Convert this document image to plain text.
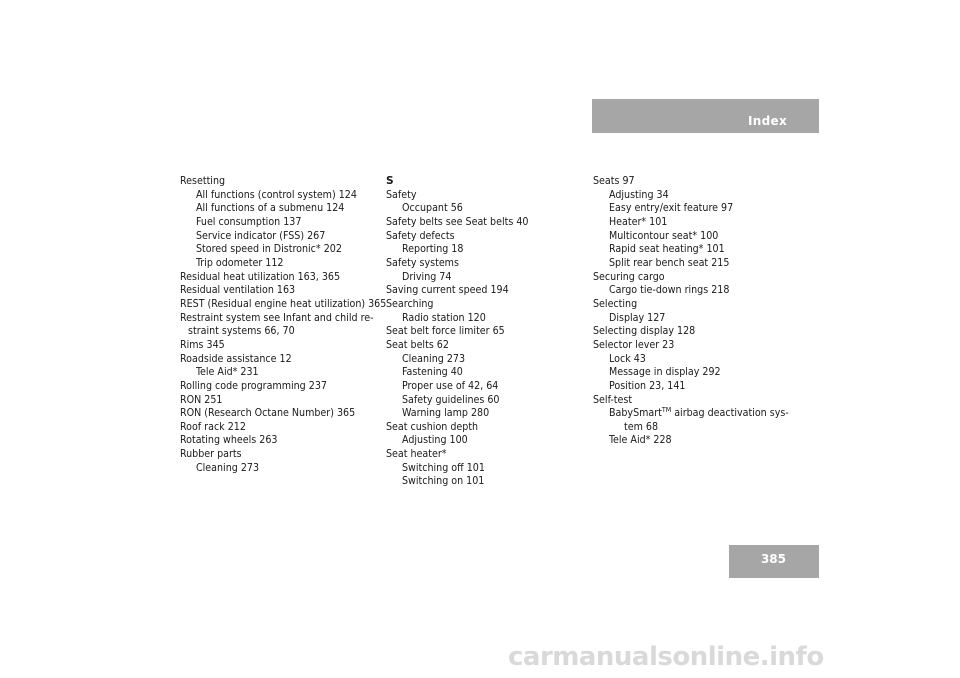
Index
Resetting
All functions (control system) 124
All functions of a submenu 124
Fuel consumption 137
Service indicator (FSS) 267
Stored speed in Distronic* 202
Trip odometer 112
Residual heat utilization 163, 365
Residual ventilation 163
REST (Residual engine heat utilization) 365
Restraint system see Infant and child re-
straint systems 66, 70
Rims 345
Roadside assistance 12
Tele Aid* 231
Rolling code programming 237
RON 251
RON (Research Octane Number) 365
Roof rack 212
Rotating wheels 263
Rubber parts
Cleaning 273
S
Safety
Occupant 56
Safety belts see Seat belts 40
Safety defects
Reporting 18
Safety systems
Driving 74
Saving current speed 194
Searching
Radio station 120
Seat belt force limiter 65
Seat belts 62
Cleaning 273
Fastening 40
Proper use of 42, 64
Safety guidelines 60
Warning lamp 280
Seat cushion depth
Adjusting 100
Seat heater*
Switching off 101
Switching on 101
Seats 97
Adjusting 34
Easy entry/exit feature 97
Heater* 101
Multicontour seat* 100
Rapid seat heating* 101
Split rear bench seat 215
Securing cargo
Cargo tie-down rings 218
Selecting
Display 127
Selecting display 128
Selector lever 23
Lock 43
Message in display 292
Position 23, 141
Self-test
BabySmart™ airbag deactivation sys-
tem 68
Tele Aid* 228
385
carmanualsonline.info
